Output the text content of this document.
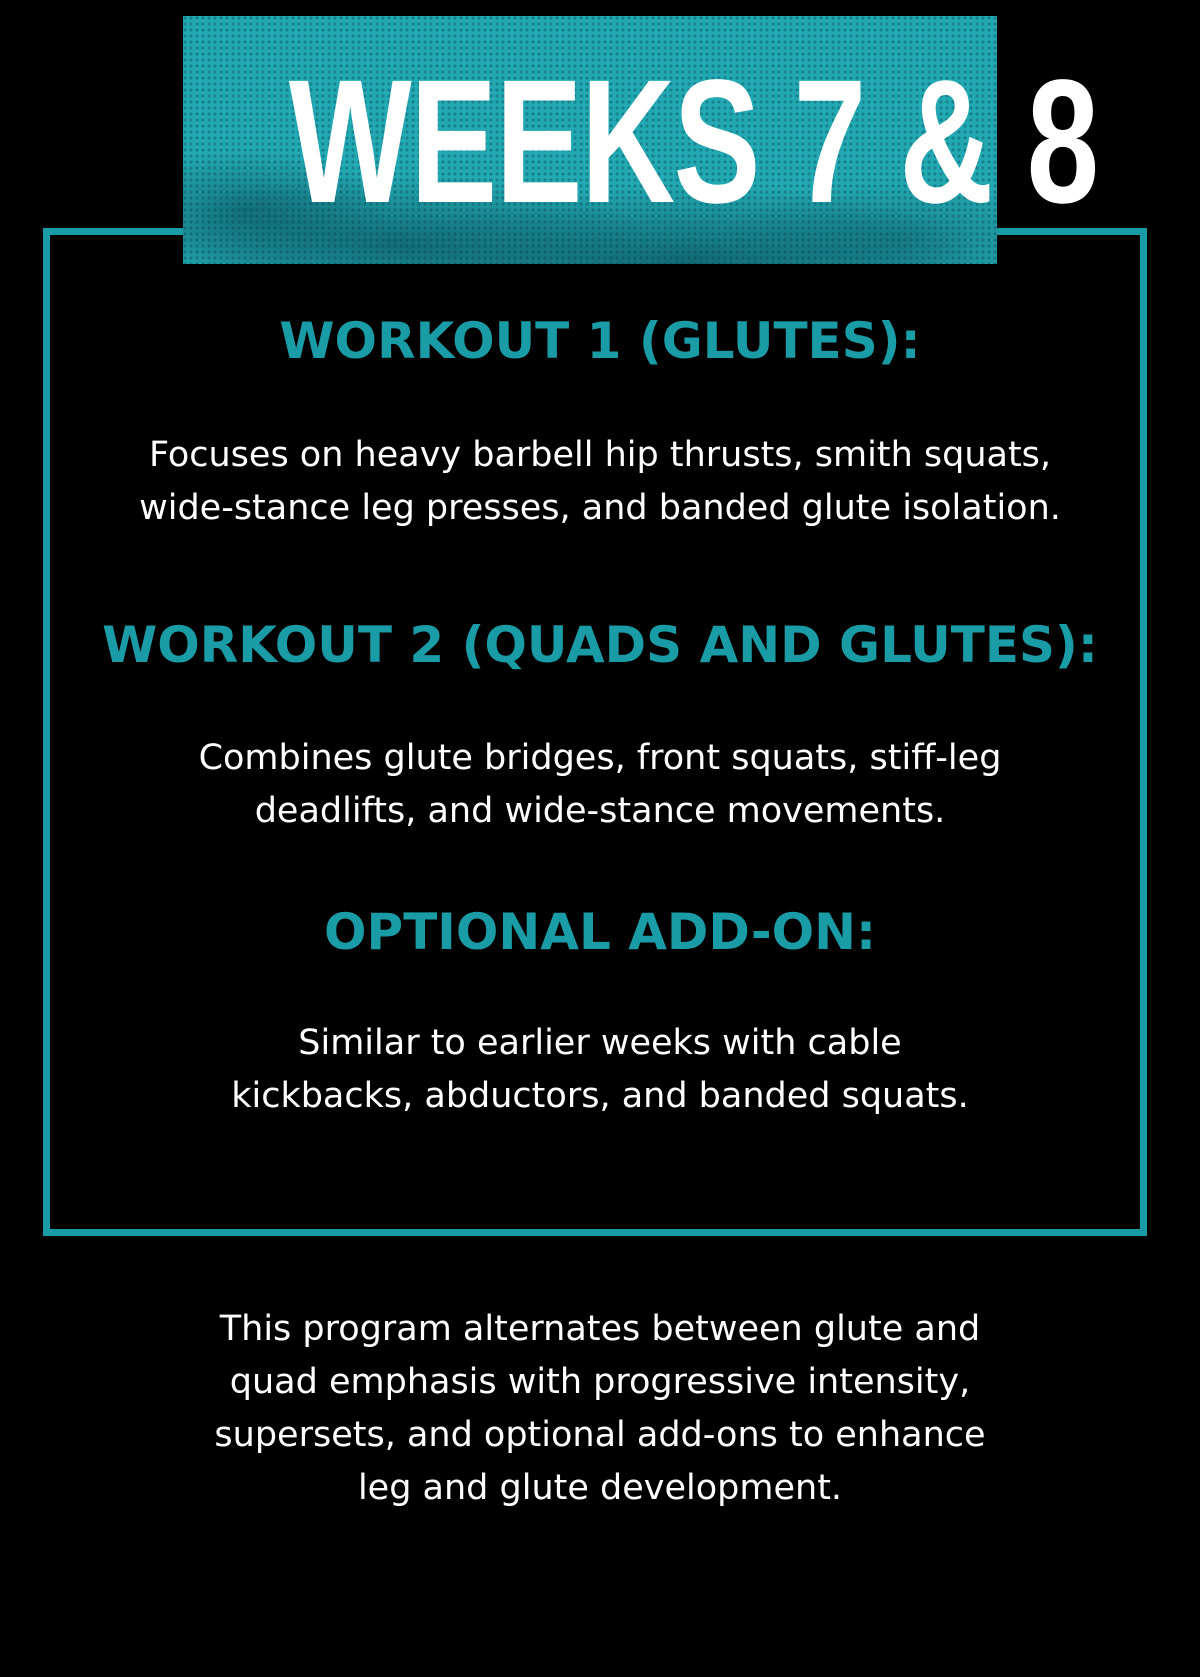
WEEKS 7 & 8
WORKOUT 1 (GLUTES):
Focuses on heavy barbell hip thrusts, smith squats,
wide-stance leg presses, and banded glute isolation.
WORKOUT 2 (QUADS AND GLUTES):
Combines glute bridges, front squats, stiff-leg
deadlifts, and wide-stance movements.
OPTIONAL ADD-ON:
Similar to earlier weeks with cable
kickbacks, abductors, and banded squats.
This program alternates between glute and
quad emphasis with progressive intensity,
supersets, and optional add-ons to enhance
leg and glute development.
